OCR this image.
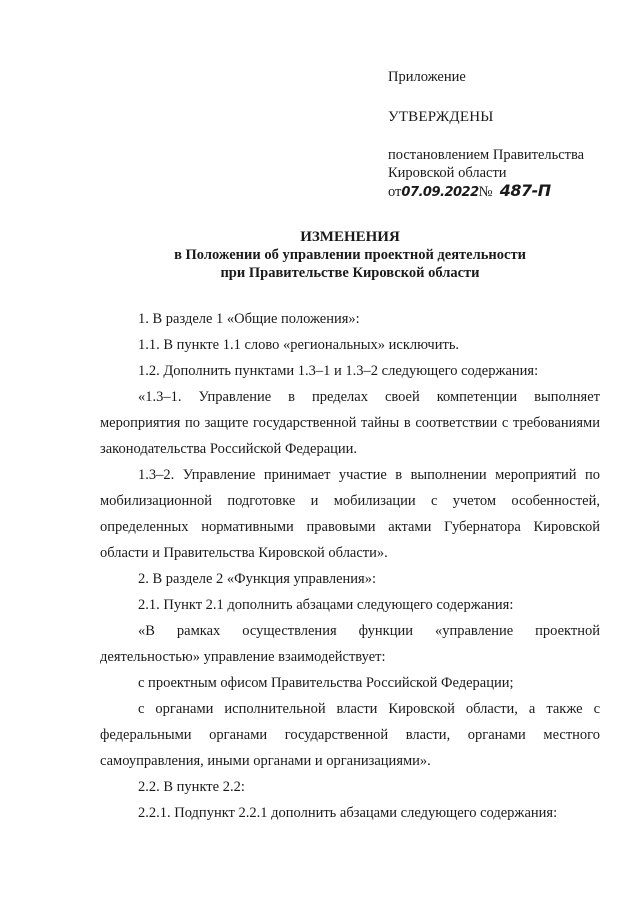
Приложение
УТВЕРЖДЕНЫ
постановлением Правительства
Кировской области
от07.09.2022№ 487-П
ИЗМЕНЕНИЯ
в Положении об управлении проектной деятельности
при Правительстве Кировской области

1. В разделе 1 «Общие положения»:

1.1. В пункте 1.1 слово «региональных» исключить.

1.2. Дополнить пунктами 1.3–1 и 1.3–2 следующего содержания:

«1.3–1. Управление в пределах своей компетенции выполняет мероприятия по защите государственной тайны в соответствии с требованиями законодательства Российской Федерации.

1.3–2. Управление принимает участие в выполнении мероприятий по мобилизационной подготовке и мобилизации с учетом особенностей, определенных нормативными правовыми актами Губернатора Кировской области и Правительства Кировской области».

2. В разделе 2 «Функция управления»:

2.1. Пункт 2.1 дополнить абзацами следующего содержания:

«В рамках осуществления функции «управление проектной деятельностью» управление взаимодействует:

с проектным офисом Правительства Российской Федерации;

с органами исполнительной власти Кировской области, а также с федеральными органами государственной власти, органами местного самоуправления, иными органами и организациями».

2.2. В пункте 2.2:

2.2.1. Подпункт 2.2.1 дополнить абзацами следующего содержания:
